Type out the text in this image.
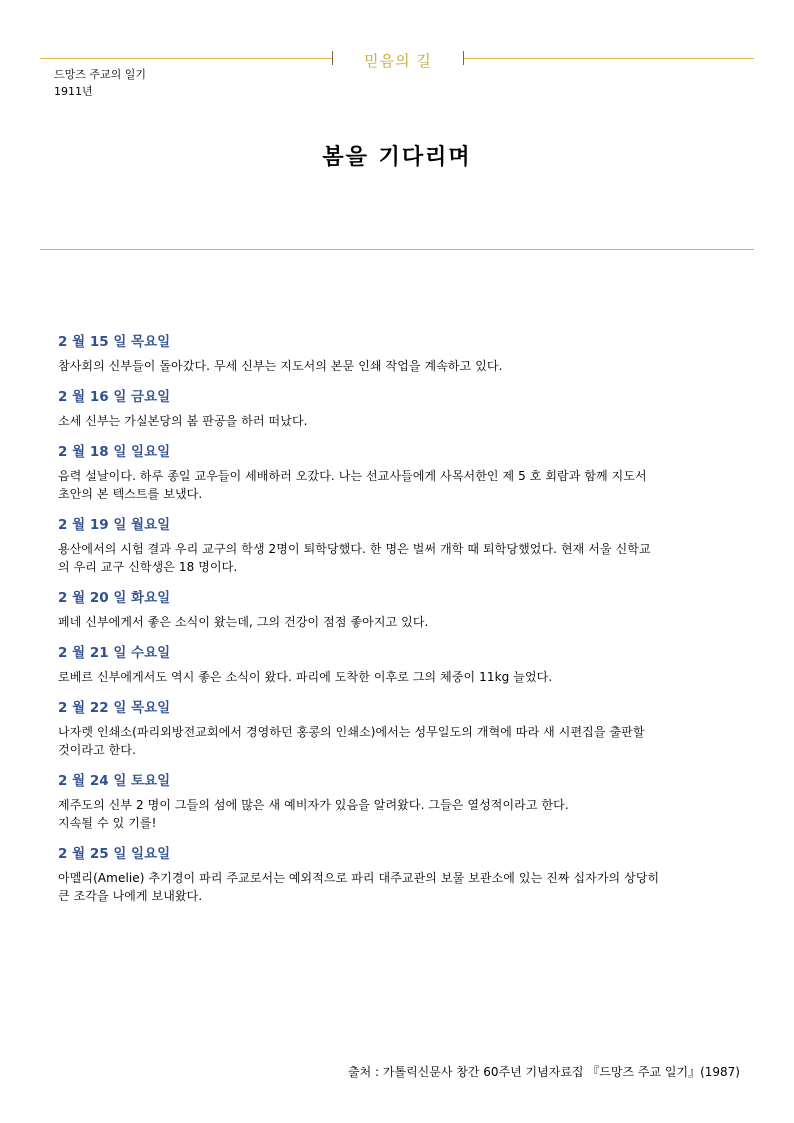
믿음의 길
드망즈 주교의 일기
1911년
봄을 기다리며
2 월 15 일 목요일
참사회의 신부들이 돌아갔다. 무세 신부는 지도서의 본문 인쇄 작업을 계속하고 있다.
2 월 16 일 금요일
소세 신부는 가실본당의 봄 판공을 하러 떠났다.
2 월 18 일 일요일
음력 설날이다. 하루 종일 교우들이 세배하러 오갔다. 나는 선교사들에게 사목서한인 제 5 호 회람과 함께 지도서
초안의 본 텍스트를 보냈다.
2 월 19 일 월요일
용산에서의 시험 결과 우리 교구의 학생 2명이 퇴학당했다. 한 명은 벌써 개학 때 퇴학당했었다. 현재 서울 신학교
의 우리 교구 신학생은 18 명이다.
2 월 20 일 화요일
페네 신부에게서 좋은 소식이 왔는데, 그의 건강이 점점 좋아지고 있다.
2 월 21 일 수요일
로베르 신부에게서도 역시 좋은 소식이 왔다. 파리에 도착한 이후로 그의 체중이 11kg 늘었다.
2 월 22 일 목요일
나자렛 인쇄소(파리외방전교회에서 경영하던 홍콩의 인쇄소)에서는 성무일도의 개혁에 따라 새 시편집을 출판할
것이라고 한다.
2 월 24 일 토요일
제주도의 신부 2 명이 그들의 섬에 많은 새 예비자가 있음을 알려왔다. 그들은 열성적이라고 한다.
지속될 수 있 기를!
2 월 25 일 일요일
아멜리(Amelie) 추기경이 파리 주교로서는 예외적으로 파리 대주교관의 보물 보관소에 있는 진짜 십자가의 상당히
큰 조각을 나에게 보내왔다.
출처 : 가톨릭신문사 창간 60주년 기념자료집 『드망즈 주교 일기』(1987)
